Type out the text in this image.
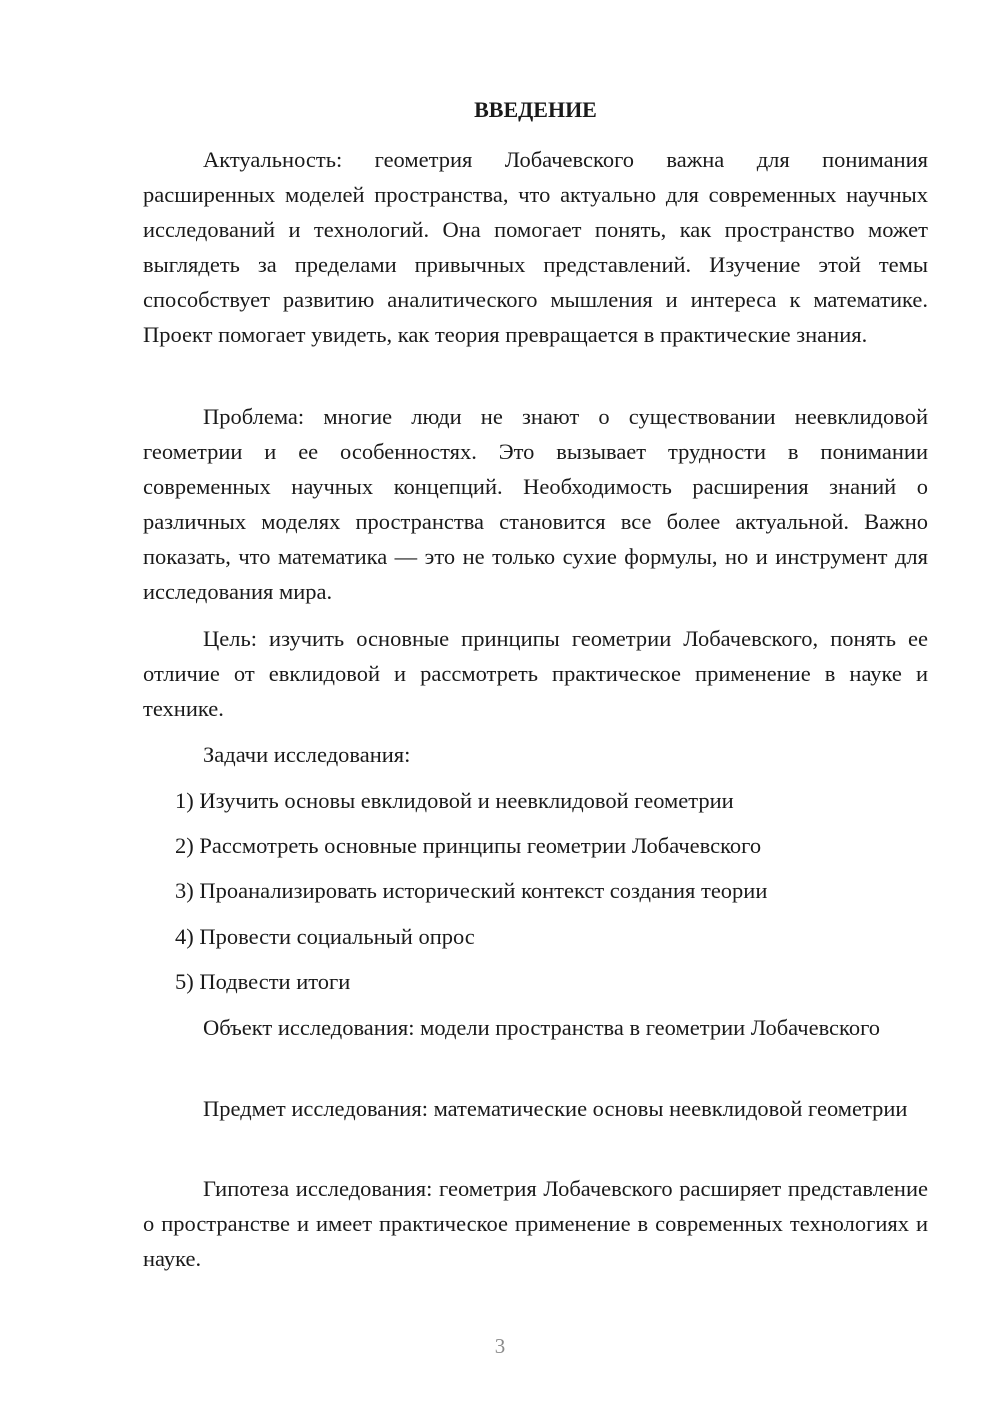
ВВЕДЕНИЕ

Актуальность: геометрия Лобачевского важна для понимания расширенных моделей пространства, что актуально для современных научных исследований и технологий. Она помогает понять, как пространство может выглядеть за пределами привычных представлений. Изучение этой темы способствует развитию аналитического мышления и интереса к математике. Проект помогает увидеть, как теория превращается в практические знания.

Проблема: многие люди не знают о существовании неевклидовой геометрии и ее особенностях. Это вызывает трудности в понимании современных научных концепций. Необходимость расширения знаний о различных моделях пространства становится все более актуальной. Важно показать, что математика — это не только сухие формулы, но и инструмент для исследования мира.

Цель: изучить основные принципы геометрии Лобачевского, понять ее отличие от евклидовой и рассмотреть практическое применение в науке и технике.

Задачи исследования:

1) Изучить основы евклидовой и неевклидовой геометрии

2) Рассмотреть основные принципы геометрии Лобачевского

3) Проанализировать исторический контекст создания теории

4) Провести социальный опрос

5) Подвести итоги

Объект исследования: модели пространства в геометрии Лобачевского

Предмет исследования: математические основы неевклидовой геометрии

Гипотеза исследования: геометрия Лобачевского расширяет представление о пространстве и имеет практическое применение в современных технологиях и науке.

3
